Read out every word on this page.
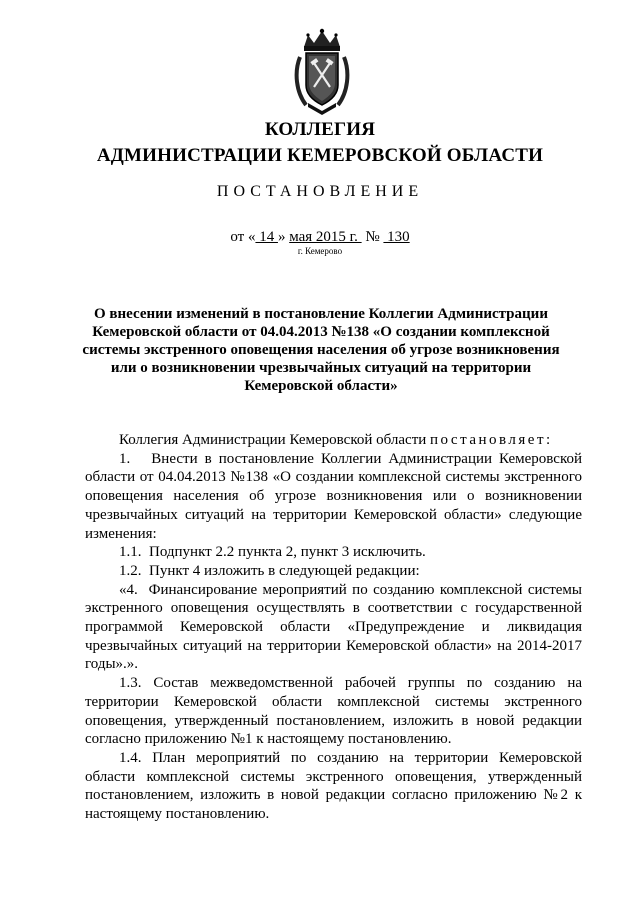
КОЛЛЕГИЯ
АДМИНИСТРАЦИИ КЕМЕРОВСКОЙ ОБЛАСТИ
ПОСТАНОВЛЕНИЕ
от « 14 » мая 2015 г.  №  130
г. Кемерово
О внесении изменений в постановление Коллегии Администрации Кемеровской области от 04.04.2013 №138 «О создании комплексной системы экстренного оповещения населения об угрозе возникновения или о возникновении чрезвычайных ситуаций на территории Кемеровской области»

Коллегия Администрации Кемеровской области постановляет:

1.   Внести в постановление Коллегии Администрации Кемеровской области от 04.04.2013 №138 «О создании комплексной системы экстренного оповещения населения об угрозе возникновения или о возникновении чрезвычайных ситуаций на территории Кемеровской области» следующие изменения:

1.1.  Подпункт 2.2 пункта 2, пункт 3 исключить.

1.2.  Пункт 4 изложить в следующей редакции:

«4.  Финансирование мероприятий по созданию комплексной системы экстренного оповещения осуществлять в соответствии с государственной программой Кемеровской области «Предупреждение и ликвидация чрезвычайных ситуаций на территории Кемеровской области» на 2014-2017 годы».».

1.3. Состав межведомственной рабочей группы по созданию на территории Кемеровской области комплексной системы экстренного оповещения, утвержденный постановлением, изложить в новой редакции согласно приложению №1 к настоящему постановлению.

1.4. План мероприятий по созданию на территории Кемеровской области комплексной системы экстренного оповещения, утвержденный постановлением, изложить в новой редакции согласно приложению №2 к настоящему постановлению.
